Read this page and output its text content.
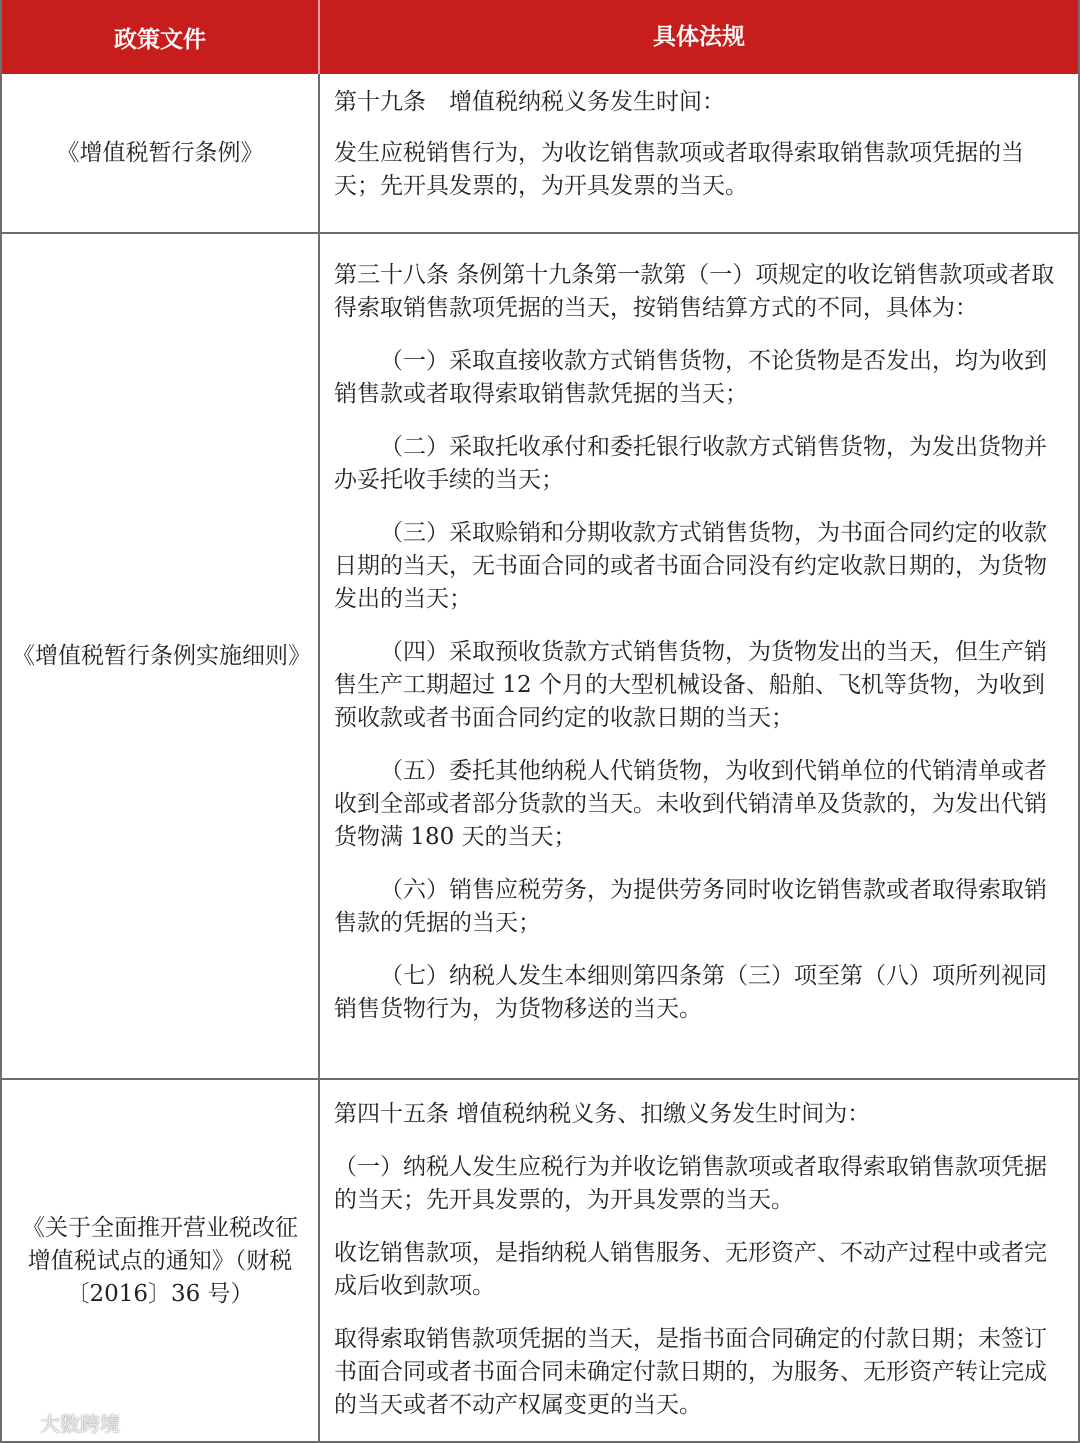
政策文件	具体法规
《增值税暂行条例》

第十九条　增值税纳税义务发生时间：

发生应税销售行为，为收讫销售款项或者取得索取销售款项凭据的当天；先开具发票的，为开具发票的当天。

《增值税暂行条例实施细则》

第三十八条 条例第十九条第一款第（一）项规定的收讫销售款项或者取得索取销售款项凭据的当天，按销售结算方式的不同，具体为：

（一）采取直接收款方式销售货物，不论货物是否发出，均为收到销售款或者取得索取销售款凭据的当天；

（二）采取托收承付和委托银行收款方式销售货物，为发出货物并办妥托收手续的当天；

（三）采取赊销和分期收款方式销售货物，为书面合同约定的收款日期的当天，无书面合同的或者书面合同没有约定收款日期的，为货物发出的当天；

（四）采取预收货款方式销售货物，为货物发出的当天，但生产销售生产工期超过 12 个月的大型机械设备、船舶、飞机等货物，为收到预收款或者书面合同约定的收款日期的当天；

（五）委托其他纳税人代销货物，为收到代销单位的代销清单或者收到全部或者部分货款的当天。未收到代销清单及货款的，为发出代销货物满 180 天的当天；

（六）销售应税劳务，为提供劳务同时收讫销售款或者取得索取销售款的凭据的当天；

（七）纳税人发生本细则第四条第（三）项至第（八）项所列视同销售货物行为，为货物移送的当天。

《关于全面推开营业税改征增值税试点的通知》（财税〔2016〕36 号）

第四十五条 增值税纳税义务、扣缴义务发生时间为：

（一）纳税人发生应税行为并收讫销售款项或者取得索取销售款项凭据的当天；先开具发票的，为开具发票的当天。

收讫销售款项，是指纳税人销售服务、无形资产、不动产过程中或者完成后收到款项。

取得索取销售款项凭据的当天，是指书面合同确定的付款日期；未签订书面合同或者书面合同未确定付款日期的，为服务、无形资产转让完成的当天或者不动产权属变更的当天。

大数跨境
